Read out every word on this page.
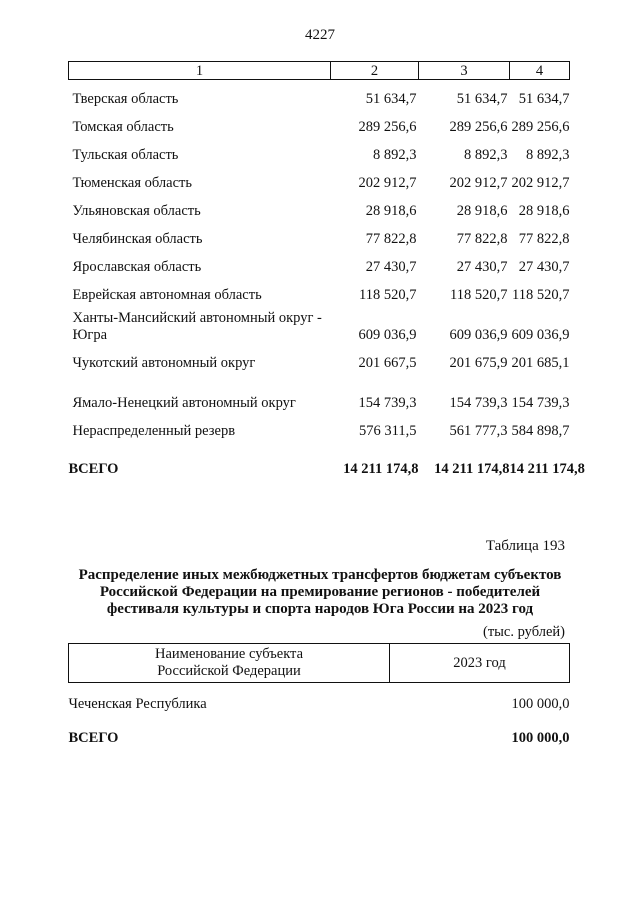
4227
1	2	3	4
Тверская область	51 634,7	51 634,7	51 634,7
Томская область	289 256,6	289 256,6	289 256,6
Тульская область	8 892,3	8 892,3	8 892,3
Тюменская область	202 912,7	202 912,7	202 912,7
Ульяновская область	28 918,6	28 918,6	28 918,6
Челябинская область	77 822,8	77 822,8	77 822,8
Ярославская область	27 430,7	27 430,7	27 430,7
Еврейская автономная область	118 520,7	118 520,7	118 520,7
Ханты-Мансийский автономный округ - Югра	609 036,9	609 036,9	609 036,9
Чукотский автономный округ	201 667,5	201 675,9	201 685,1
Ямало-Ненецкий автономный округ	154 739,3	154 739,3	154 739,3
Нераспределенный резерв	576 311,5	561 777,3	584 898,7
ВСЕГО	14 211 174,8	14 211 174,8	14 211 174,8
Таблица 193
Распределение иных межбюджетных трансфертов бюджетам субъектов
Российской Федерации на премирование регионов - победителей
фестиваля культуры и спорта народов Юга России на 2023 год
(тыс. рублей)
Наименование субъекта
Российской Федерации	2023 год
Чеченская Республика	100 000,0
ВСЕГО	100 000,0
